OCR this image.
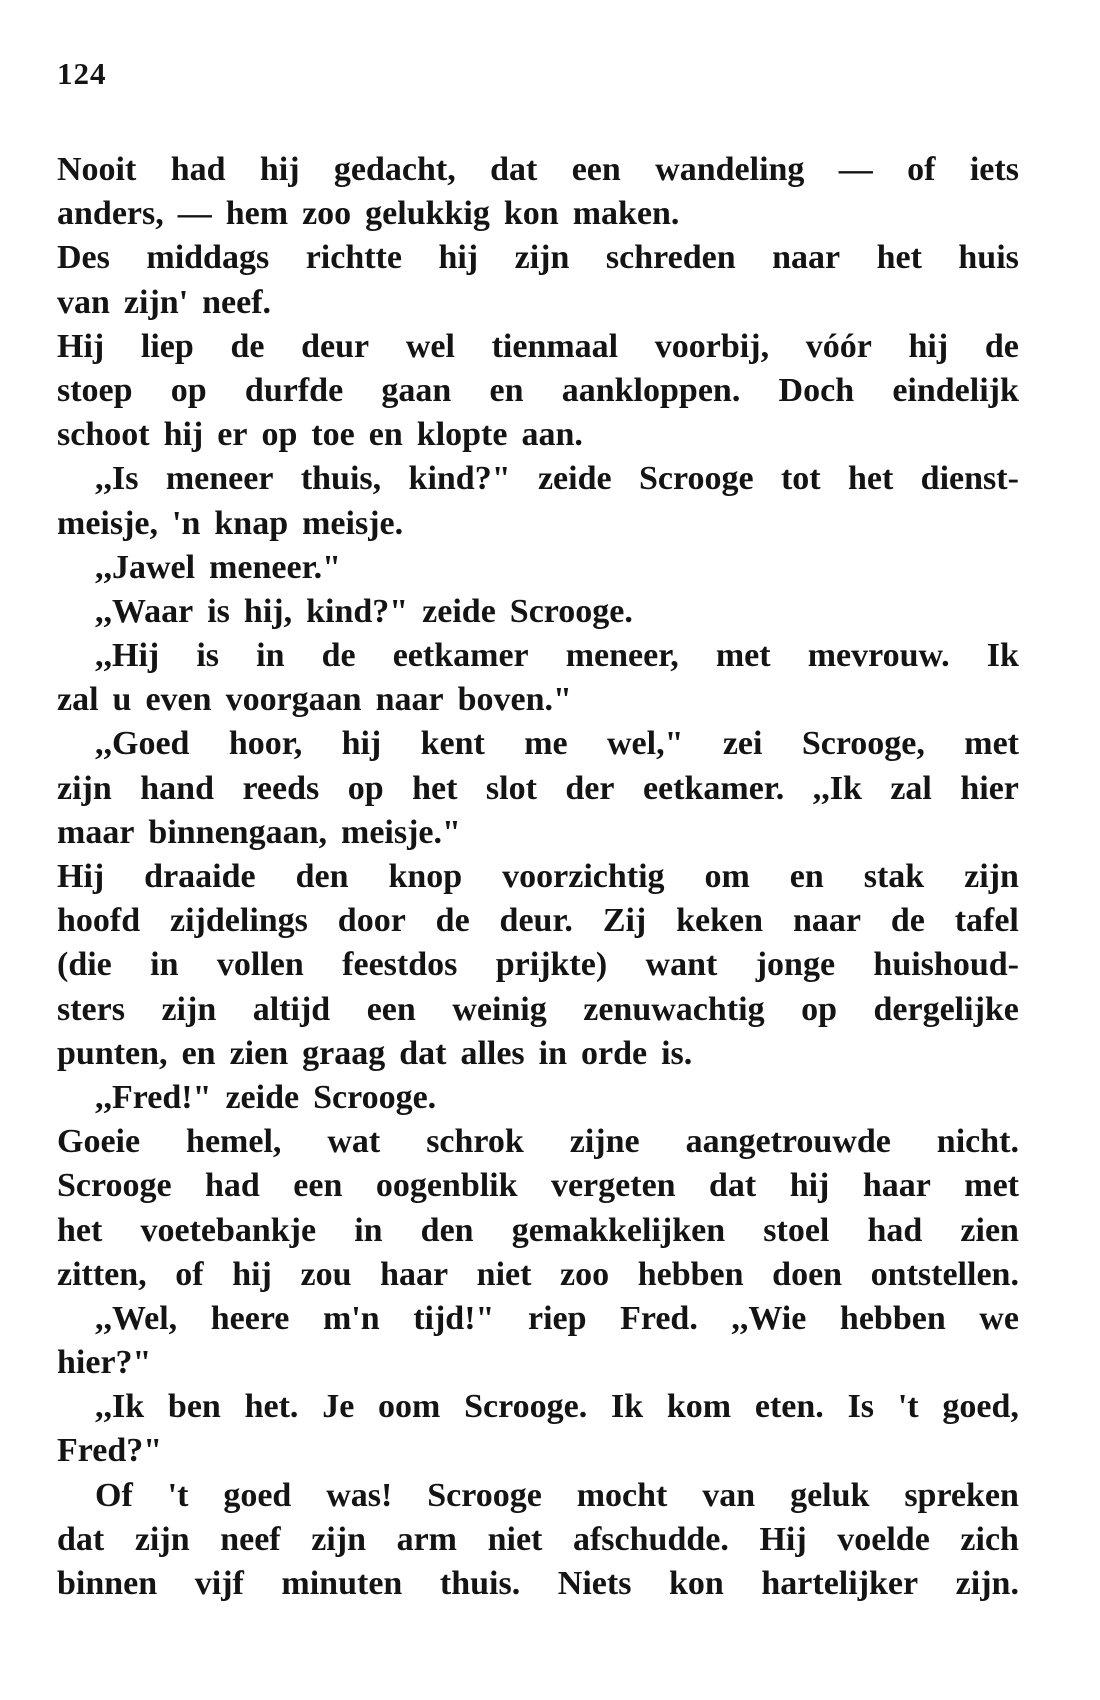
124
Nooit had hij gedacht, dat een wandeling — of iets
anders, — hem zoo gelukkig kon maken.
Des middags richtte hij zijn schreden naar het huis
van zijn' neef.
Hij liep de deur wel tienmaal voorbij, vóór hij de
stoep op durfde gaan en aankloppen. Doch eindelijk
schoot hij er op toe en klopte aan.
,,Is meneer thuis, kind?" zeide Scrooge tot het dienst-
meisje, 'n knap meisje.
,,Jawel meneer."
,,Waar is hij, kind?" zeide Scrooge.
,,Hij is in de eetkamer meneer, met mevrouw. Ik
zal u even voorgaan naar boven."
,,Goed hoor, hij kent me wel," zei Scrooge, met
zijn hand reeds op het slot der eetkamer. ,,Ik zal hier
maar binnengaan, meisje."
Hij draaide den knop voorzichtig om en stak zijn
hoofd zijdelings door de deur. Zij keken naar de tafel
(die in vollen feestdos prijkte) want jonge huishoud-
sters zijn altijd een weinig zenuwachtig op dergelijke
punten, en zien graag dat alles in orde is.
,,Fred!" zeide Scrooge.
Goeie hemel, wat schrok zijne aangetrouwde nicht.
Scrooge had een oogenblik vergeten dat hij haar met
het voetebankje in den gemakkelijken stoel had zien
zitten, of hij zou haar niet zoo hebben doen ontstellen.
,,Wel, heere m'n tijd!" riep Fred. ,,Wie hebben we
hier?"
,,Ik ben het. Je oom Scrooge. Ik kom eten. Is 't goed,
Fred?"
Of 't goed was! Scrooge mocht van geluk spreken
dat zijn neef zijn arm niet afschudde. Hij voelde zich
binnen vijf minuten thuis. Niets kon hartelijker zijn.
